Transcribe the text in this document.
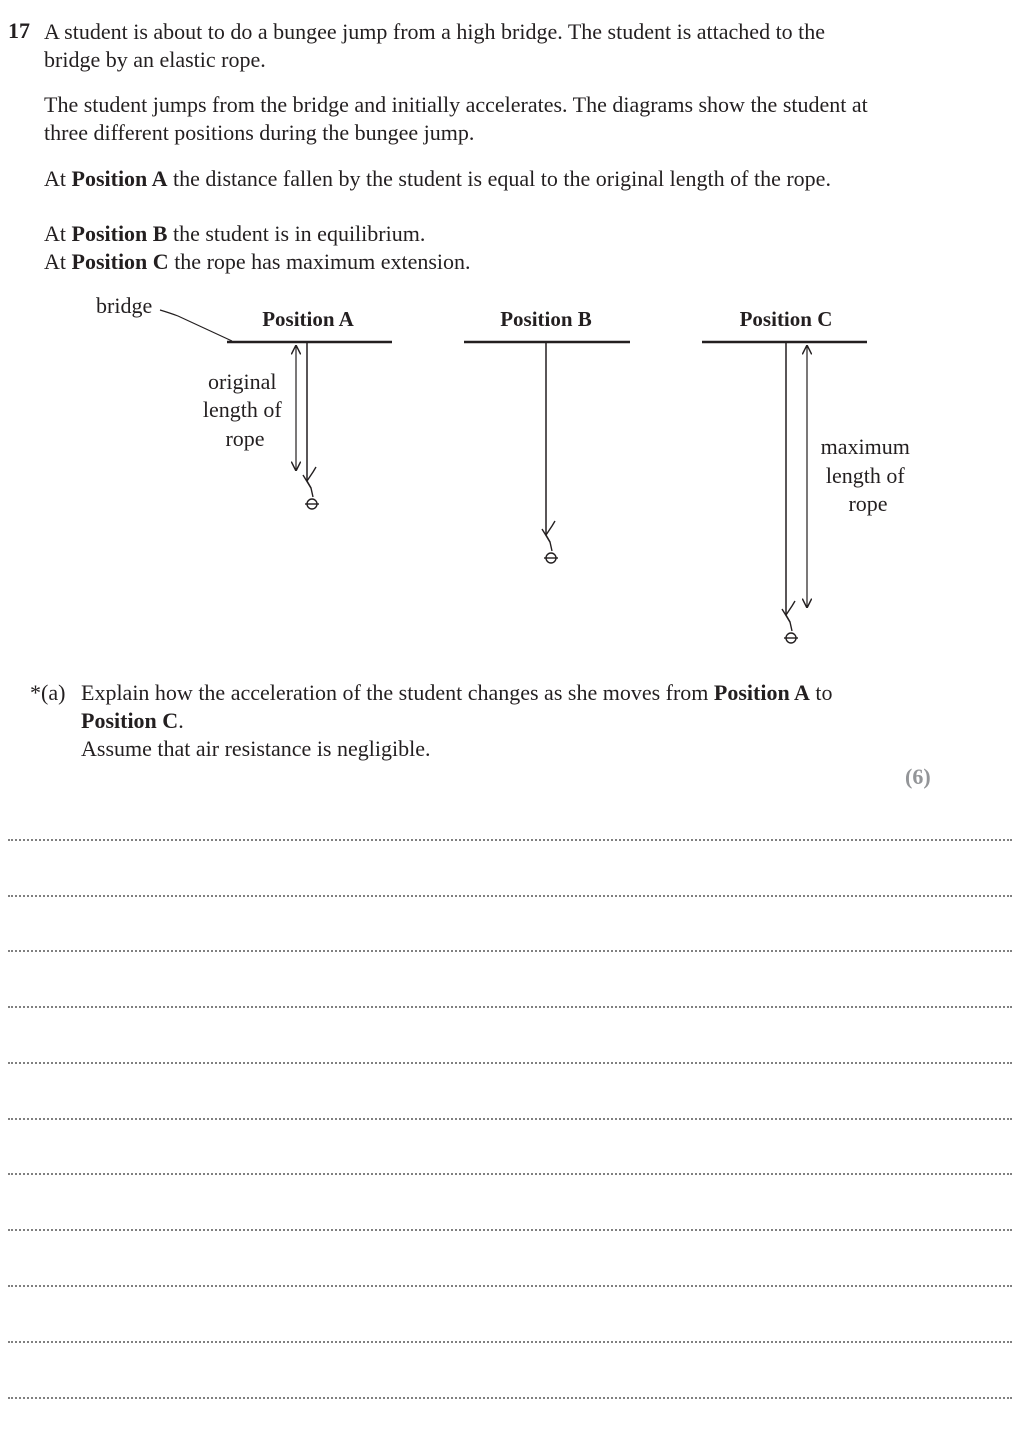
17 A student is about to do a bungee jump from a high bridge. The student is attached to the bridge by an elastic rope.

The student jumps from the bridge and initially accelerates. The diagrams show the student at three different positions during the bungee jump.

At Position A the distance fallen by the student is equal to the original length of the rope.

At Position B the student is in equilibrium.

At Position C the rope has maximum extension.

bridge
Position A
original length of rope
Position B	Position C
maximum length of rope
*(a) Explain how the acceleration of the student changes as she moves from Position A to Position C.
Assume that air resistance is negligible.
(6)
